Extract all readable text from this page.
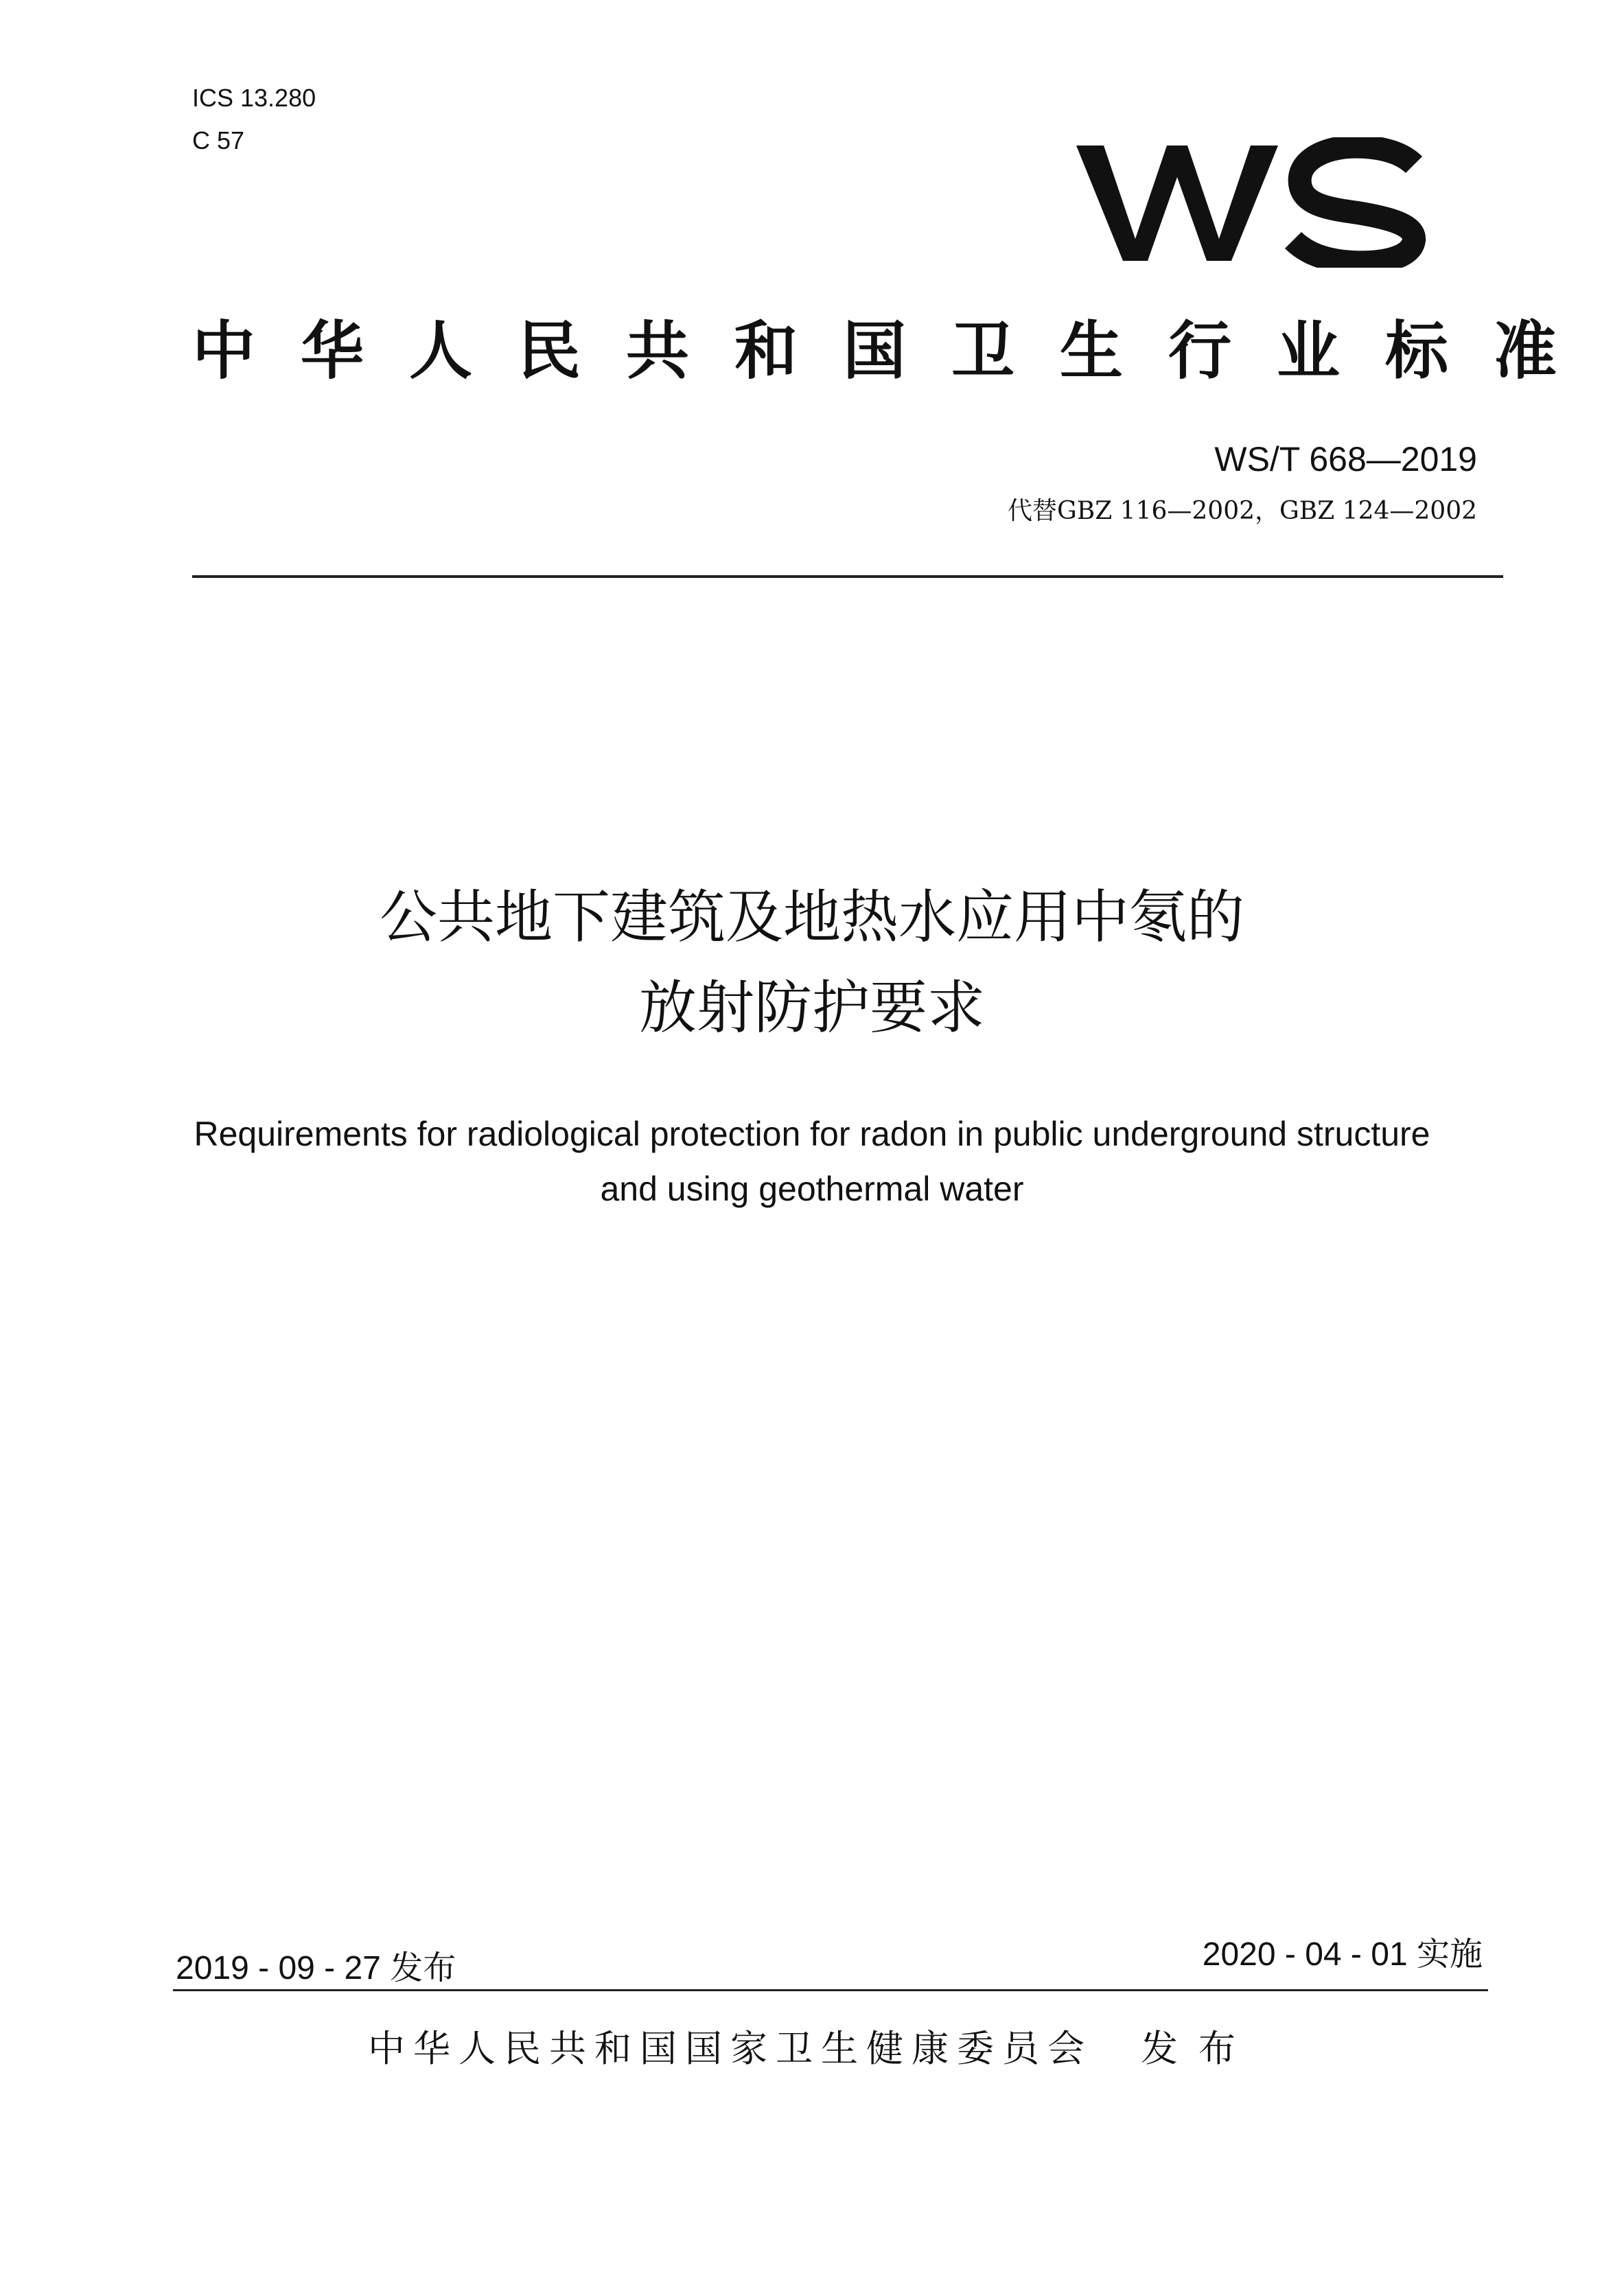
ICS 13.280
C 57
中华人民共和国卫生行业标准
WS/T 668—2019
代替GBZ 116—2002，GBZ 124—2002
公共地下建筑及地热水应用中氡的
放射防护要求
Requirements for radiological protection for radon in public underground structure
and using geothermal water
2019 - 09 - 27 发布	2020 - 04 - 01 实施
中华人民共和国国家卫生健康委员会 发布
